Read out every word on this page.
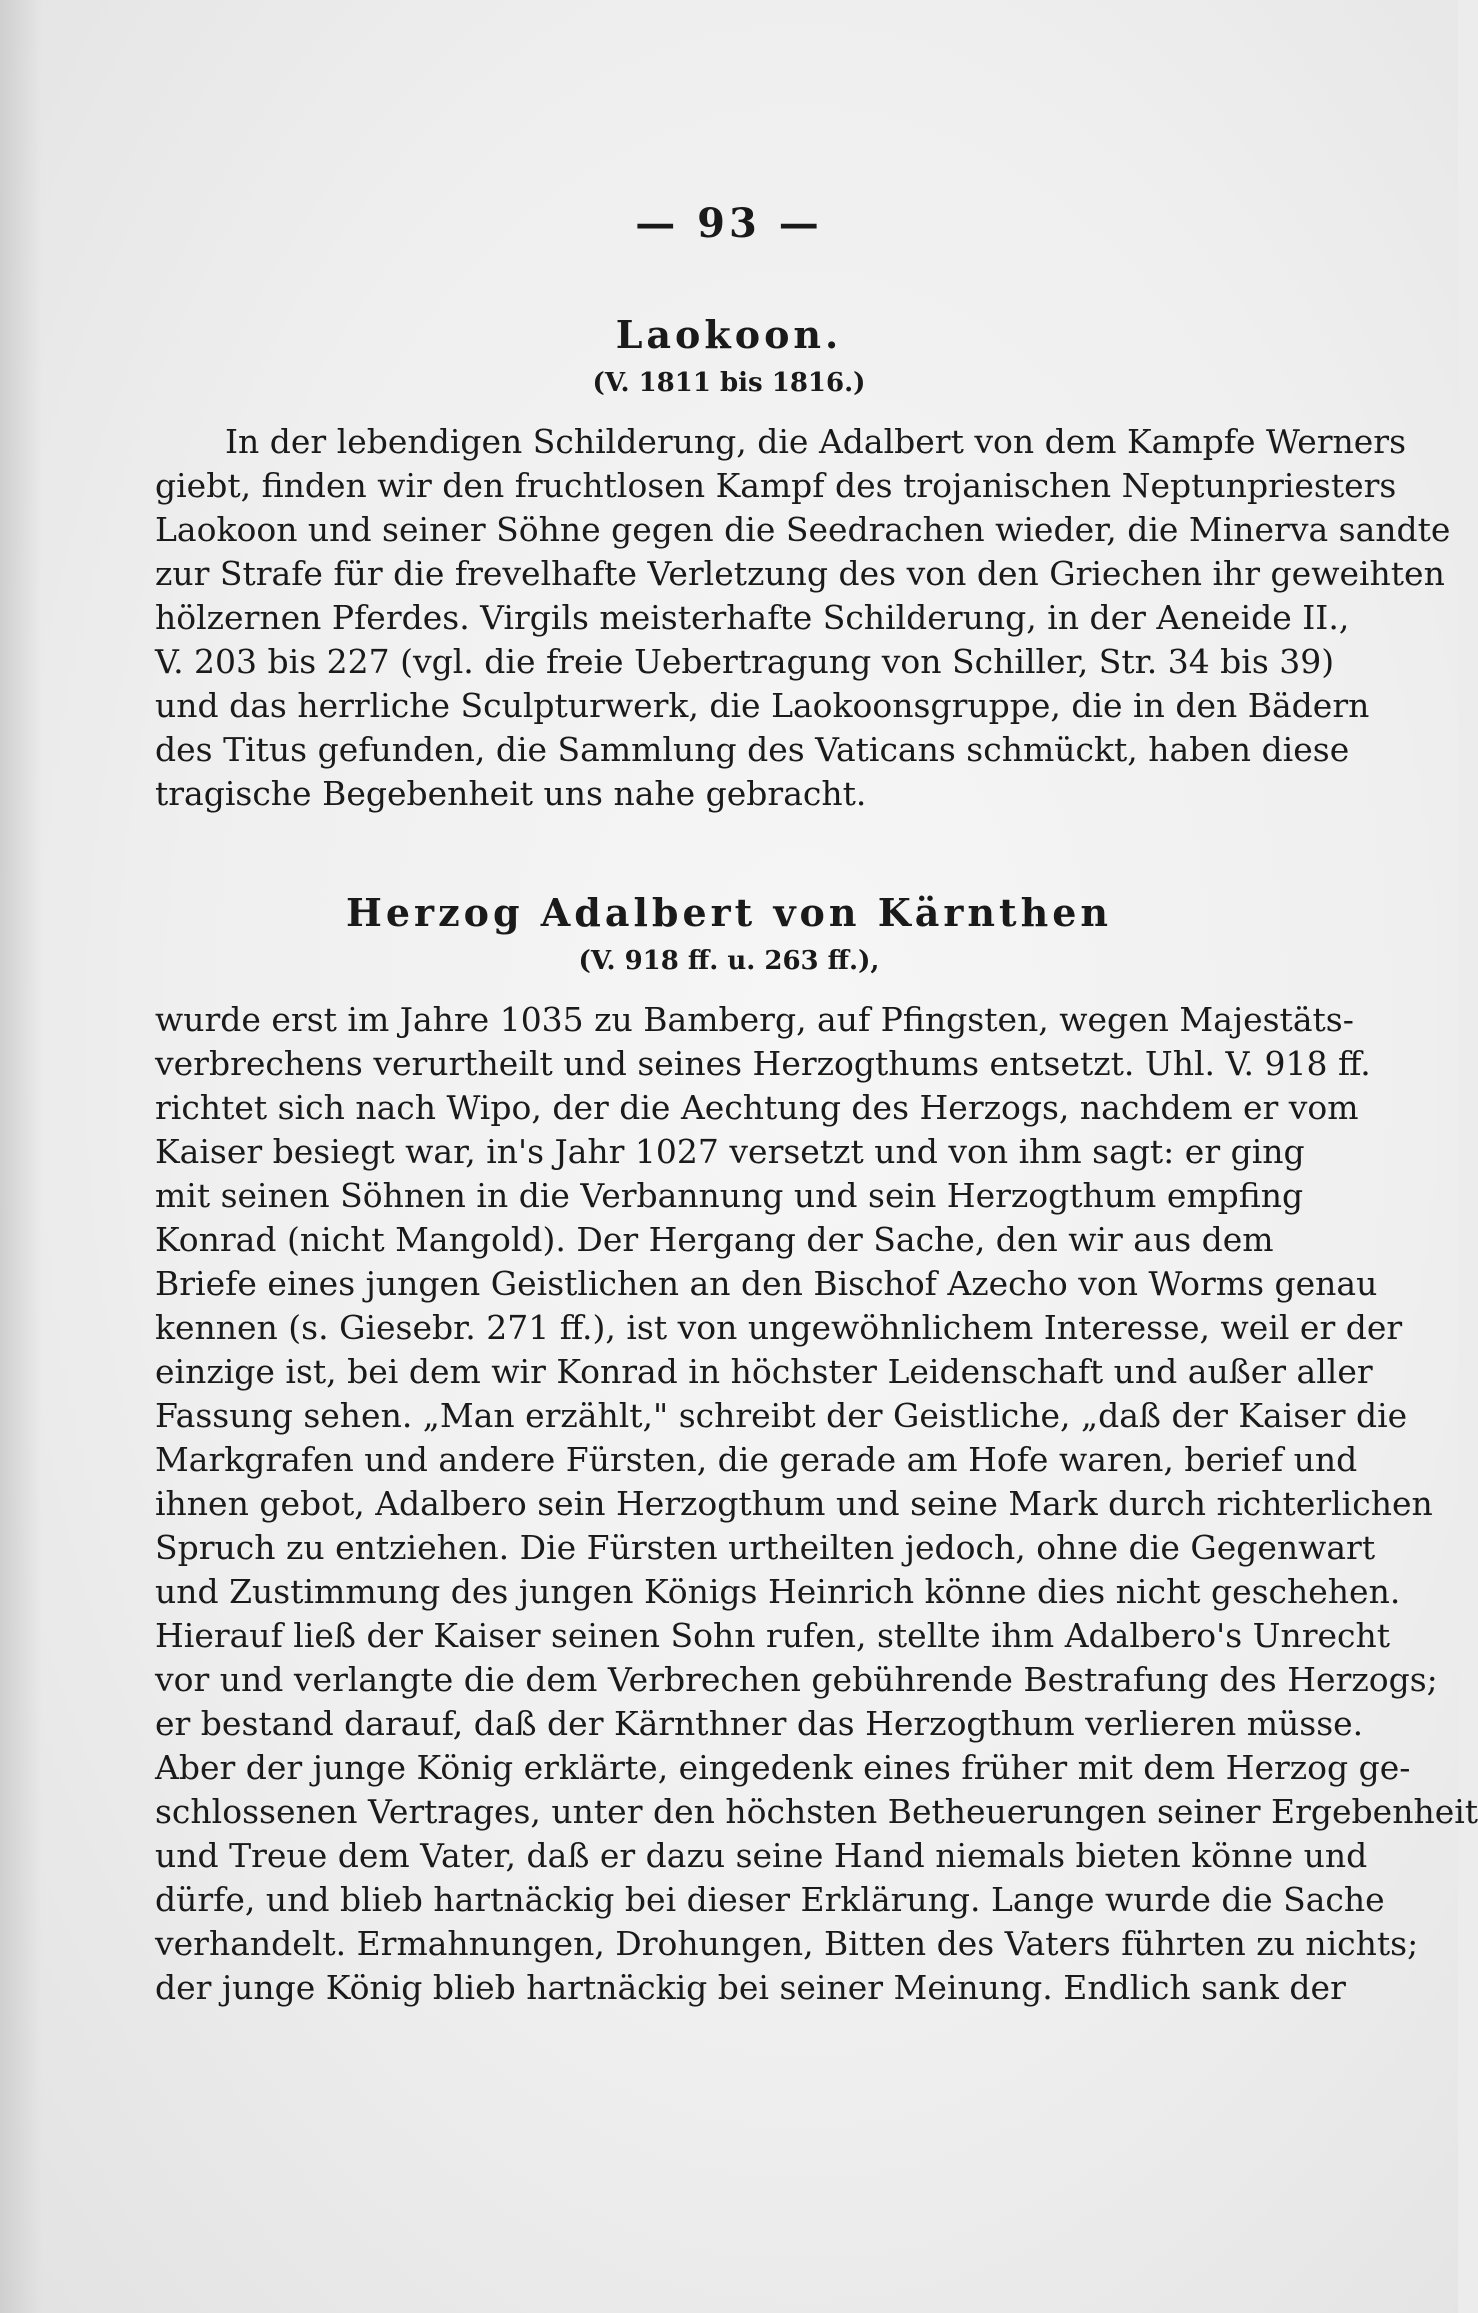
— 93 —
Laokoon.
(V. 1811 bis 1816.)
In der lebendigen Schilderung, die Adalbert von dem Kampfe Werners
giebt, finden wir den fruchtlosen Kampf des trojanischen Neptunpriesters
Laokoon und seiner Söhne gegen die Seedrachen wieder, die Minerva sandte
zur Strafe für die frevelhafte Verletzung des von den Griechen ihr geweihten
hölzernen Pferdes. Virgils meisterhafte Schilderung, in der Aeneide II.,
V. 203 bis 227 (vgl. die freie Uebertragung von Schiller, Str. 34 bis 39)
und das herrliche Sculpturwerk, die Laokoonsgruppe, die in den Bädern
des Titus gefunden, die Sammlung des Vaticans schmückt, haben diese
tragische Begebenheit uns nahe gebracht.
Herzog Adalbert von Kärnthen
(V. 918 ff. u. 263 ff.),
wurde erst im Jahre 1035 zu Bamberg, auf Pfingsten, wegen Majestäts-
verbrechens verurtheilt und seines Herzogthums entsetzt. Uhl. V. 918 ff.
richtet sich nach Wipo, der die Aechtung des Herzogs, nachdem er vom
Kaiser besiegt war, in's Jahr 1027 versetzt und von ihm sagt: er ging
mit seinen Söhnen in die Verbannung und sein Herzogthum empfing
Konrad (nicht Mangold). Der Hergang der Sache, den wir aus dem
Briefe eines jungen Geistlichen an den Bischof Azecho von Worms genau
kennen (s. Giesebr. 271 ff.), ist von ungewöhnlichem Interesse, weil er der
einzige ist, bei dem wir Konrad in höchster Leidenschaft und außer aller
Fassung sehen. „Man erzählt," schreibt der Geistliche, „daß der Kaiser die
Markgrafen und andere Fürsten, die gerade am Hofe waren, berief und
ihnen gebot, Adalbero sein Herzogthum und seine Mark durch richterlichen
Spruch zu entziehen. Die Fürsten urtheilten jedoch, ohne die Gegenwart
und Zustimmung des jungen Königs Heinrich könne dies nicht geschehen.
Hierauf ließ der Kaiser seinen Sohn rufen, stellte ihm Adalbero's Unrecht
vor und verlangte die dem Verbrechen gebührende Bestrafung des Herzogs;
er bestand darauf, daß der Kärnthner das Herzogthum verlieren müsse.
Aber der junge König erklärte, eingedenk eines früher mit dem Herzog ge-
schlossenen Vertrages, unter den höchsten Betheuerungen seiner Ergebenheit
und Treue dem Vater, daß er dazu seine Hand niemals bieten könne und
dürfe, und blieb hartnäckig bei dieser Erklärung. Lange wurde die Sache
verhandelt. Ermahnungen, Drohungen, Bitten des Vaters führten zu nichts;
der junge König blieb hartnäckig bei seiner Meinung. Endlich sank der
